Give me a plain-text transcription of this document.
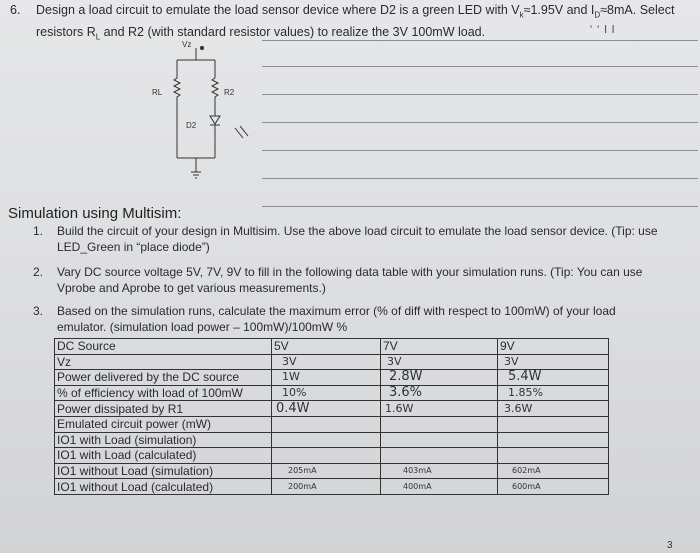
6. Design a load circuit to emulate the load sensor device where D2 is a green LED with $V_k\approx 1.95V$ and $I_D\approx 8mA$. Select resistors $R_L$ and R2 (with standard resistor values) to realize the 3V 100mW load.	' ' l l
Vz
RL	R2
D2
Simulation using Multisim:
1. Build the circuit of your design in Multisim. Use the above load circuit to emulate the load sensor device. (Tip: use LED_Green in “place diode”)
2. Vary DC source voltage 5V, 7V, 9V to fill in the following data table with your simulation runs. (Tip: You can use Vprobe and Aprobe to get various measurements.)
3. Based on the simulation runs, calculate the maximum error (% of diff with respect to 100mW) of your load emulator. (simulation load power – 100mW)/100mW %
DC Source	5V	7V	9V
Vz	3V	3V	3V
Power delivered by the DC source	1W	2.8W	5.4W
% of efficiency with load of 100mW	10%	3.6%	1.85%
Power dissipated by R1	0.4W	1.6W	3.6W
Emulated circuit power (mW)			
IO1 with Load (simulation)			
IO1 with Load (calculated)			
IO1 without Load (simulation)	205mA	403mA	602mA
IO1 without Load (calculated)	200mA	400mA	600mA
3
